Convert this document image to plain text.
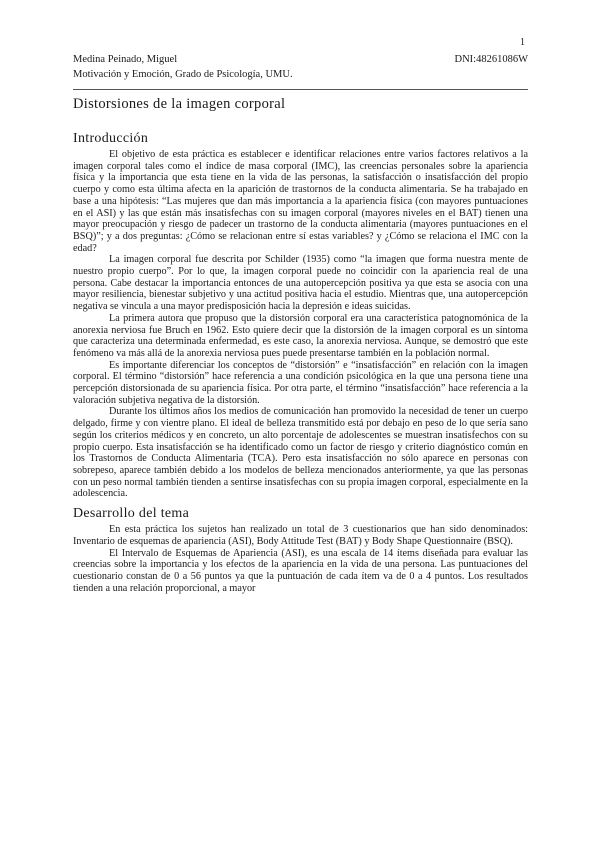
1
Medina Peinado, Miguel	DNI:48261086W
Motivación y Emoción, Grado de Psicología, UMU.
Distorsiones de la imagen corporal
Introducción

El objetivo de esta práctica es establecer e identificar relaciones entre varios factores relativos a la imagen corporal tales como el índice de masa corporal (IMC), las creencias personales sobre la apariencia física y la importancia que esta tiene en la vida de las personas, la satisfacción o insatisfacción del propio cuerpo y como esta última afecta en la aparición de trastornos de la conducta alimentaria. Se ha trabajado en base a una hipótesis: “Las mujeres que dan más importancia a la apariencia física (con mayores puntuaciones en el ASI) y las que están más insatisfechas con su imagen corporal (mayores niveles en el BAT) tienen una mayor preocupación y riesgo de padecer un trastorno de la conducta alimentaria (mayores puntuaciones en el BSQ)”; y a dos preguntas: ¿Cómo se relacionan entre sí estas variables? y ¿Cómo se relaciona el IMC con la edad?

La imagen corporal fue descrita por Schilder (1935) como “la imagen que forma nuestra mente de nuestro propio cuerpo”. Por lo que, la imagen corporal puede no coincidir con la apariencia real de una persona. Cabe destacar la importancia entonces de una autopercepción positiva ya que esta se asocia con una mayor resiliencia, bienestar subjetivo y una actitud positiva hacia el estudio. Mientras que, una autopercepción negativa se vincula a una mayor predisposición hacia la depresión e ideas suicidas.

La primera autora que propuso que la distorsión corporal era una característica patognomónica de la anorexia nerviosa fue Bruch en 1962. Esto quiere decir que la distorsión de la imagen corporal es un síntoma que caracteriza una determinada enfermedad, es este caso, la anorexia nerviosa. Aunque, se demostró que este fenómeno va más allá de la anorexia nerviosa pues puede presentarse también en la población normal.

Es importante diferenciar los conceptos de “distorsión” e “insatisfacción” en relación con la imagen corporal. El término “distorsión” hace referencia a una condición psicológica en la que una persona tiene una percepción distorsionada de su apariencia física. Por otra parte, el término “insatisfacción” hace referencia a la valoración subjetiva negativa de la distorsión.

Durante los últimos años los medios de comunicación han promovido la necesidad de tener un cuerpo delgado, firme y con vientre plano. El ideal de belleza transmitido está por debajo en peso de lo que sería sano según los criterios médicos y en concreto, un alto porcentaje de adolescentes se muestran insatisfechos con su propio cuerpo. Esta insatisfacción se ha identificado como un factor de riesgo y criterio diagnóstico común en los Trastornos de Conducta Alimentaria (TCA). Pero esta insatisfacción no sólo aparece en personas con sobrepeso, aparece también debido a los modelos de belleza mencionados anteriormente, ya que las personas con un peso normal también tienden a sentirse insatisfechas con su propia imagen corporal, especialmente en la adolescencia.

Desarrollo del tema

En esta práctica los sujetos han realizado un total de 3 cuestionarios que han sido denominados: Inventario de esquemas de apariencia (ASI), Body Attitude Test (BAT) y Body Shape Questionnaire (BSQ).

El Intervalo de Esquemas de Apariencia (ASI), es una escala de 14 ítems diseñada para evaluar las creencias sobre la importancia y los efectos de la apariencia en la vida de una persona. Las puntuaciones del cuestionario constan de 0 a 56 puntos ya que la puntuación de cada ítem va de 0 a 4 puntos. Los resultados tienden a una relación proporcional, a mayor
